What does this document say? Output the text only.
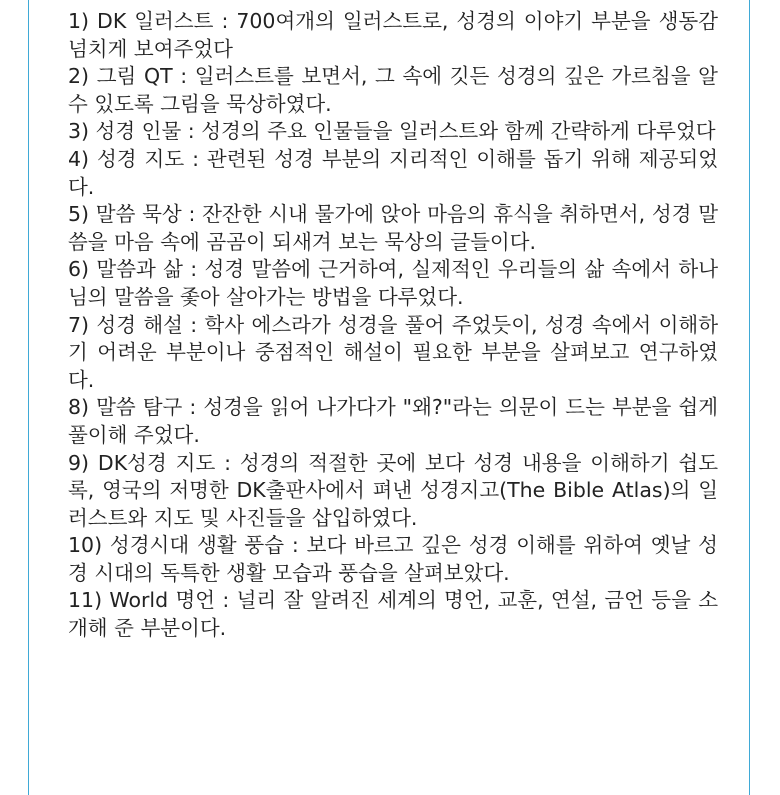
1) DK 일러스트 : 700여개의 일러스트로, 성경의 이야기 부분을 생동감 넘치게 보여주었다

2) 그림 QT : 일러스트를 보면서, 그 속에 깃든 성경의 깊은 가르침을 알 수 있도록 그림을 묵상하였다.

3) 성경 인물 : 성경의 주요 인물들을 일러스트와 함께 간략하게 다루었다

4) 성경 지도 : 관련된 성경 부분의 지리적인 이해를 돕기 위해 제공되었다.

5) 말씀 묵상 : 잔잔한 시내 물가에 앉아 마음의 휴식을 취하면서, 성경 말씀을 마음 속에 곰곰이 되새겨 보는 묵상의 글들이다.

6) 말씀과 삶 : 성경 말씀에 근거하여, 실제적인 우리들의 삶 속에서 하나님의 말씀을 좇아 살아가는 방법을 다루었다.

7) 성경 해설 : 학사 에스라가 성경을 풀어 주었듯이, 성경 속에서 이해하기 어려운 부분이나 중점적인 해설이 필요한 부분을 살펴보고 연구하였다.

8) 말씀 탐구 : 성경을 읽어 나가다가 "왜?"라는 의문이 드는 부분을 쉽게 풀이해 주었다.

9) DK성경 지도 : 성경의 적절한 곳에 보다 성경 내용을 이해하기 쉽도록, 영국의 저명한 DK출판사에서 펴낸 성경지고(The Bible Atlas)의 일러스트와 지도 및 사진들을 삽입하였다.

10) 성경시대 생활 풍습 : 보다 바르고 깊은 성경 이해를 위하여 옛날 성경 시대의 독특한 생활 모습과 풍습을 살펴보았다.

11) World 명언 : 널리 잘 알려진 세계의 명언, 교훈, 연설, 금언 등을 소개해 준 부분이다.
